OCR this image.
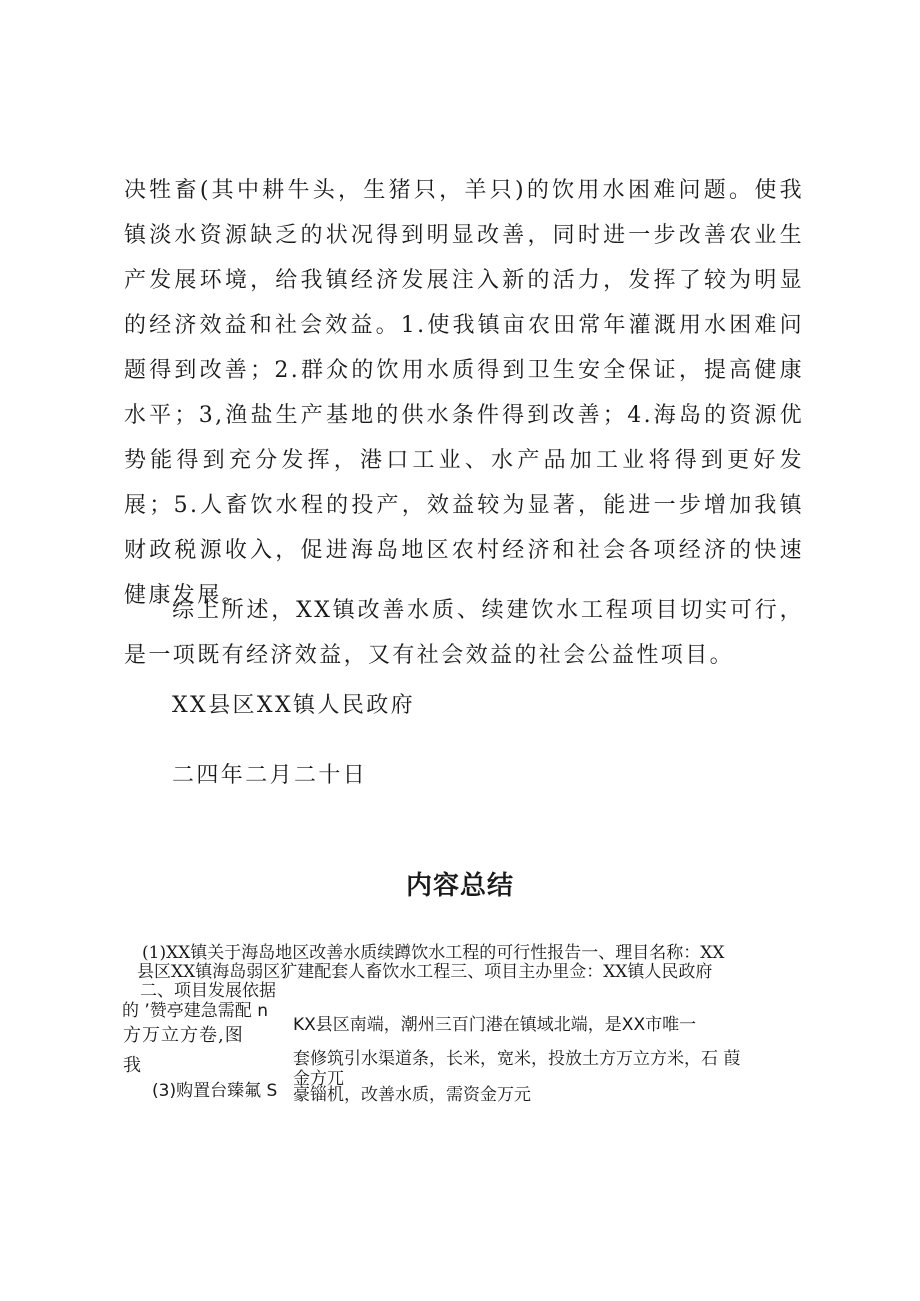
决牲畜(其中耕牛头，生猪只，羊只)的饮用水困难问题。使我镇淡水资源缺乏的状况得到明显改善，同时进一步改善农业生产发展环境，给我镇经济发展注入新的活力，发挥了较为明显的经济效益和社会效益。1.使我镇亩农田常年灌溉用水困难问题得到改善；2.群众的饮用水质得到卫生安全保证，提高健康水平；3,渔盐生产基地的供水条件得到改善；4.海岛的资源优势能得到充分发挥，港口工业、水产品加工业将得到更好发展；5.人畜饮水程的投产，效益较为显著，能进一步增加我镇财政税源收入，促进海岛地区农村经济和社会各项经济的快速健康发展。

综上所述，XX镇改善水质、续建饮水工程项目切实可行，是一项既有经济效益，又有社会效益的社会公益性项目。

XX县区XX镇人民政府

二四年二月二十日

内容总结

(1)XX镇关于海岛地区改善水质续蹲饮水工程的可行性报告一、理目名称：XX

县区XX镇海岛弱区犷建配套人畜饮水工程三、项目主办里佥：XX镇人民政府

二、项目发展依据

的 ’赞亭建急需配 n

方万立方卷,图

我

KX县区南端，潮州三百门港在镇域北端，是XX市唯一

套修筑引水渠道条，长米，宽米，投放土方万立方米，石 葭

金方兀

(3)购置台臻氟 S 豪锱机，改善水质，需资金万元
